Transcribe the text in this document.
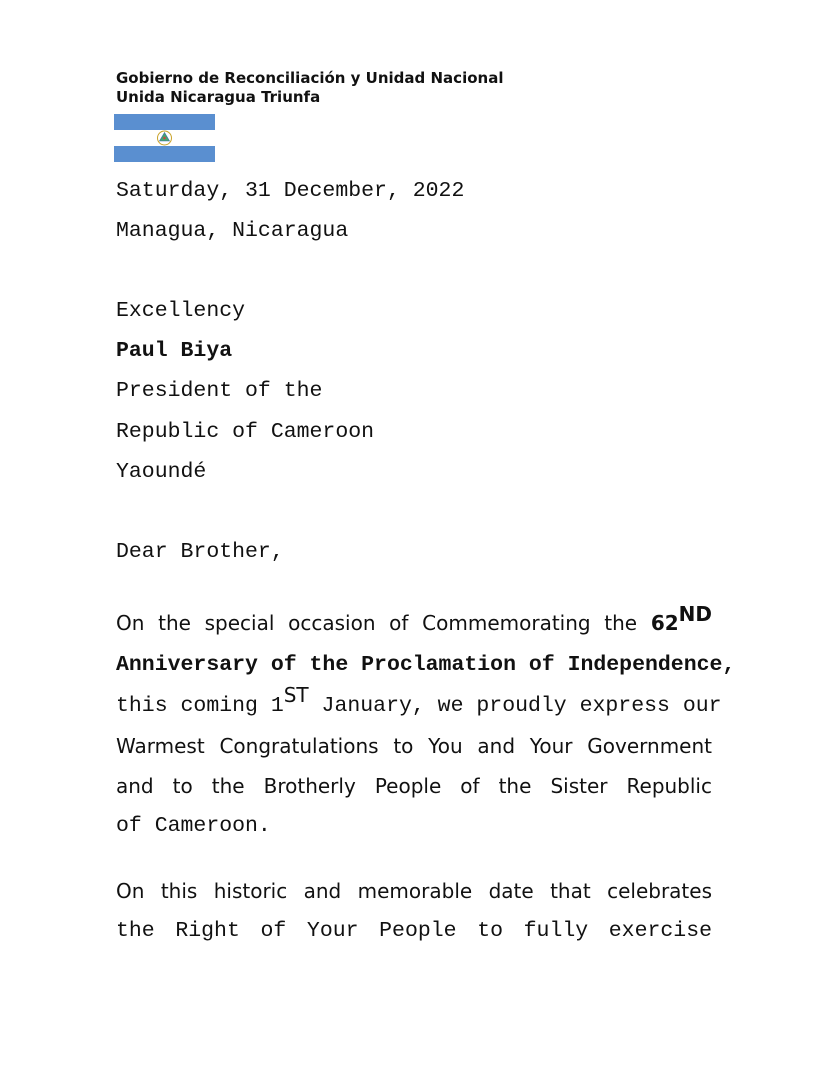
Gobierno de Reconciliación y Unidad Nacional
Unida Nicaragua Triunfa
Saturday, 31 December, 2022
Managua, Nicaragua
Excellency
Paul Biya
President of the
Republic of Cameroon
Yaoundé
Dear Brother,
On the special occasion of Commemorating the 62ND
Anniversary of the Proclamation of Independence,
this coming 1ST January, we proudly express our
Warmest Congratulations to You and Your Government
and to the Brotherly People of the Sister Republic
of Cameroon.
On this historic and memorable date that celebrates
the Right of Your People to fully exercise
